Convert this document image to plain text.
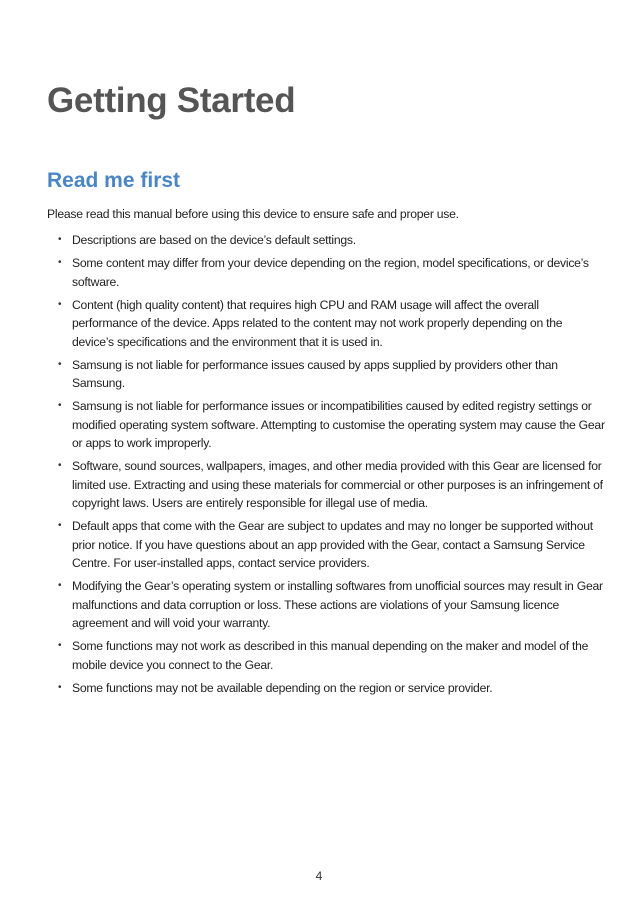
Getting Started
Read me first

Please read this manual before using this device to ensure safe and proper use.

• Descriptions are based on the device’s default settings.
• Some content may differ from your device depending on the region, model specifications, or device’s software.
• Content (high quality content) that requires high CPU and RAM usage will affect the overall performance of the device. Apps related to the content may not work properly depending on the device’s specifications and the environment that it is used in.
• Samsung is not liable for performance issues caused by apps supplied by providers other than Samsung.
• Samsung is not liable for performance issues or incompatibilities caused by edited registry settings or modified operating system software. Attempting to customise the operating system may cause the Gear or apps to work improperly.
• Software, sound sources, wallpapers, images, and other media provided with this Gear are licensed for limited use. Extracting and using these materials for commercial or other purposes is an infringement of copyright laws. Users are entirely responsible for illegal use of media.
• Default apps that come with the Gear are subject to updates and may no longer be supported without prior notice. If you have questions about an app provided with the Gear, contact a Samsung Service Centre. For user-installed apps, contact service providers.
• Modifying the Gear’s operating system or installing softwares from unofficial sources may result in Gear malfunctions and data corruption or loss. These actions are violations of your Samsung licence agreement and will void your warranty.
• Some functions may not work as described in this manual depending on the maker and model of the mobile device you connect to the Gear.
• Some functions may not be available depending on the region or service provider.
4
